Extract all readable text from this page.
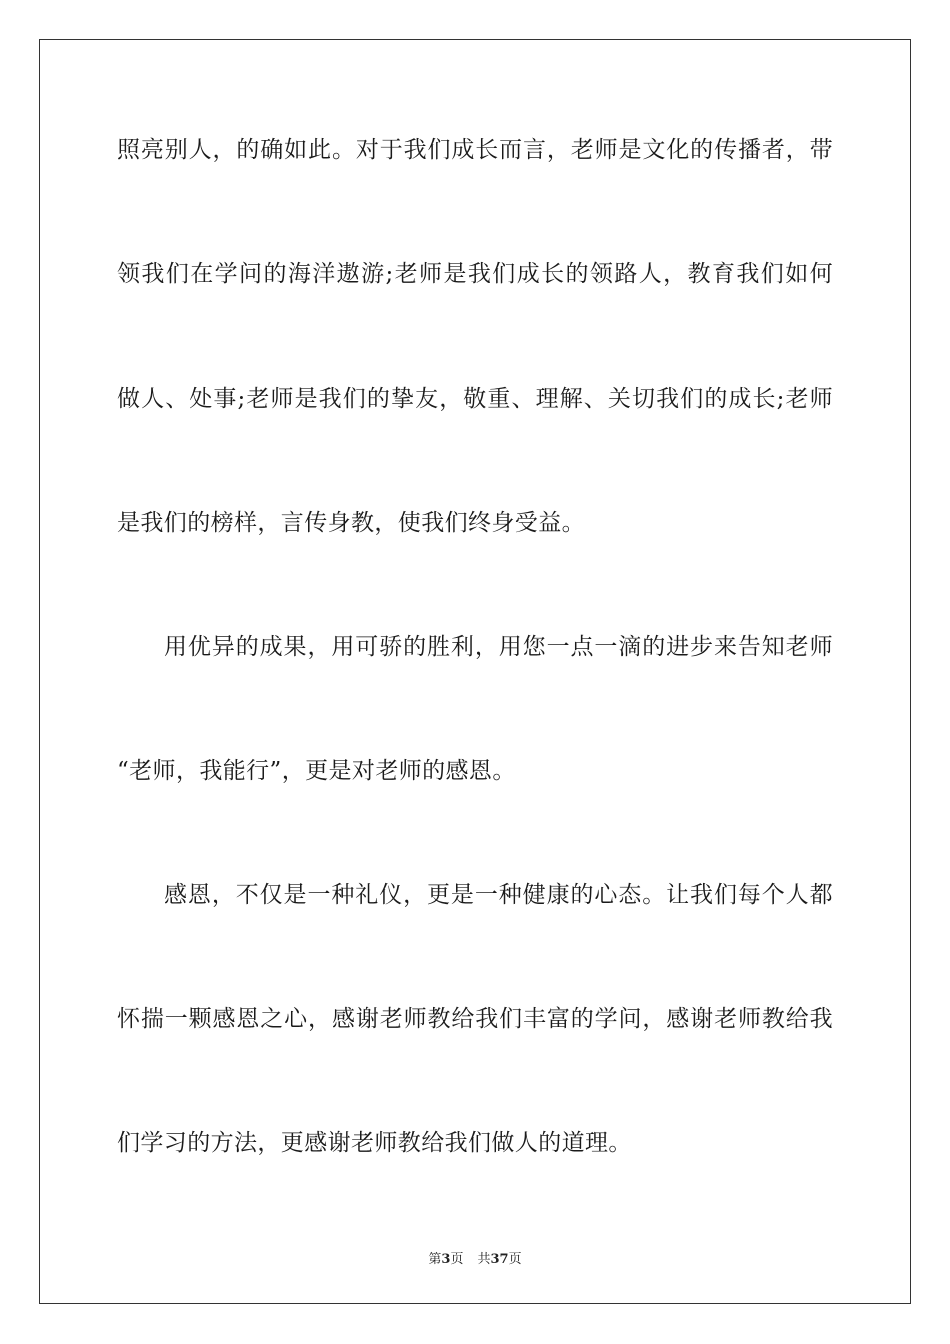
照亮别人，的确如此。对于我们成长而言，老师是文化的传播者，带
领我们在学问的海洋遨游;老师是我们成长的领路人，教育我们如何
做人、处事;老师是我们的挚友，敬重、理解、关切我们的成长;老师
是我们的榜样，言传身教，使我们终身受益。
用优异的成果，用可骄的胜利，用您一点一滴的进步来告知老师
“老师，我能行”，更是对老师的感恩。
感恩，不仅是一种礼仪，更是一种健康的心态。让我们每个人都
怀揣一颗感恩之心，感谢老师教给我们丰富的学问，感谢老师教给我
们学习的方法，更感谢老师教给我们做人的道理。
第3页 共37页
